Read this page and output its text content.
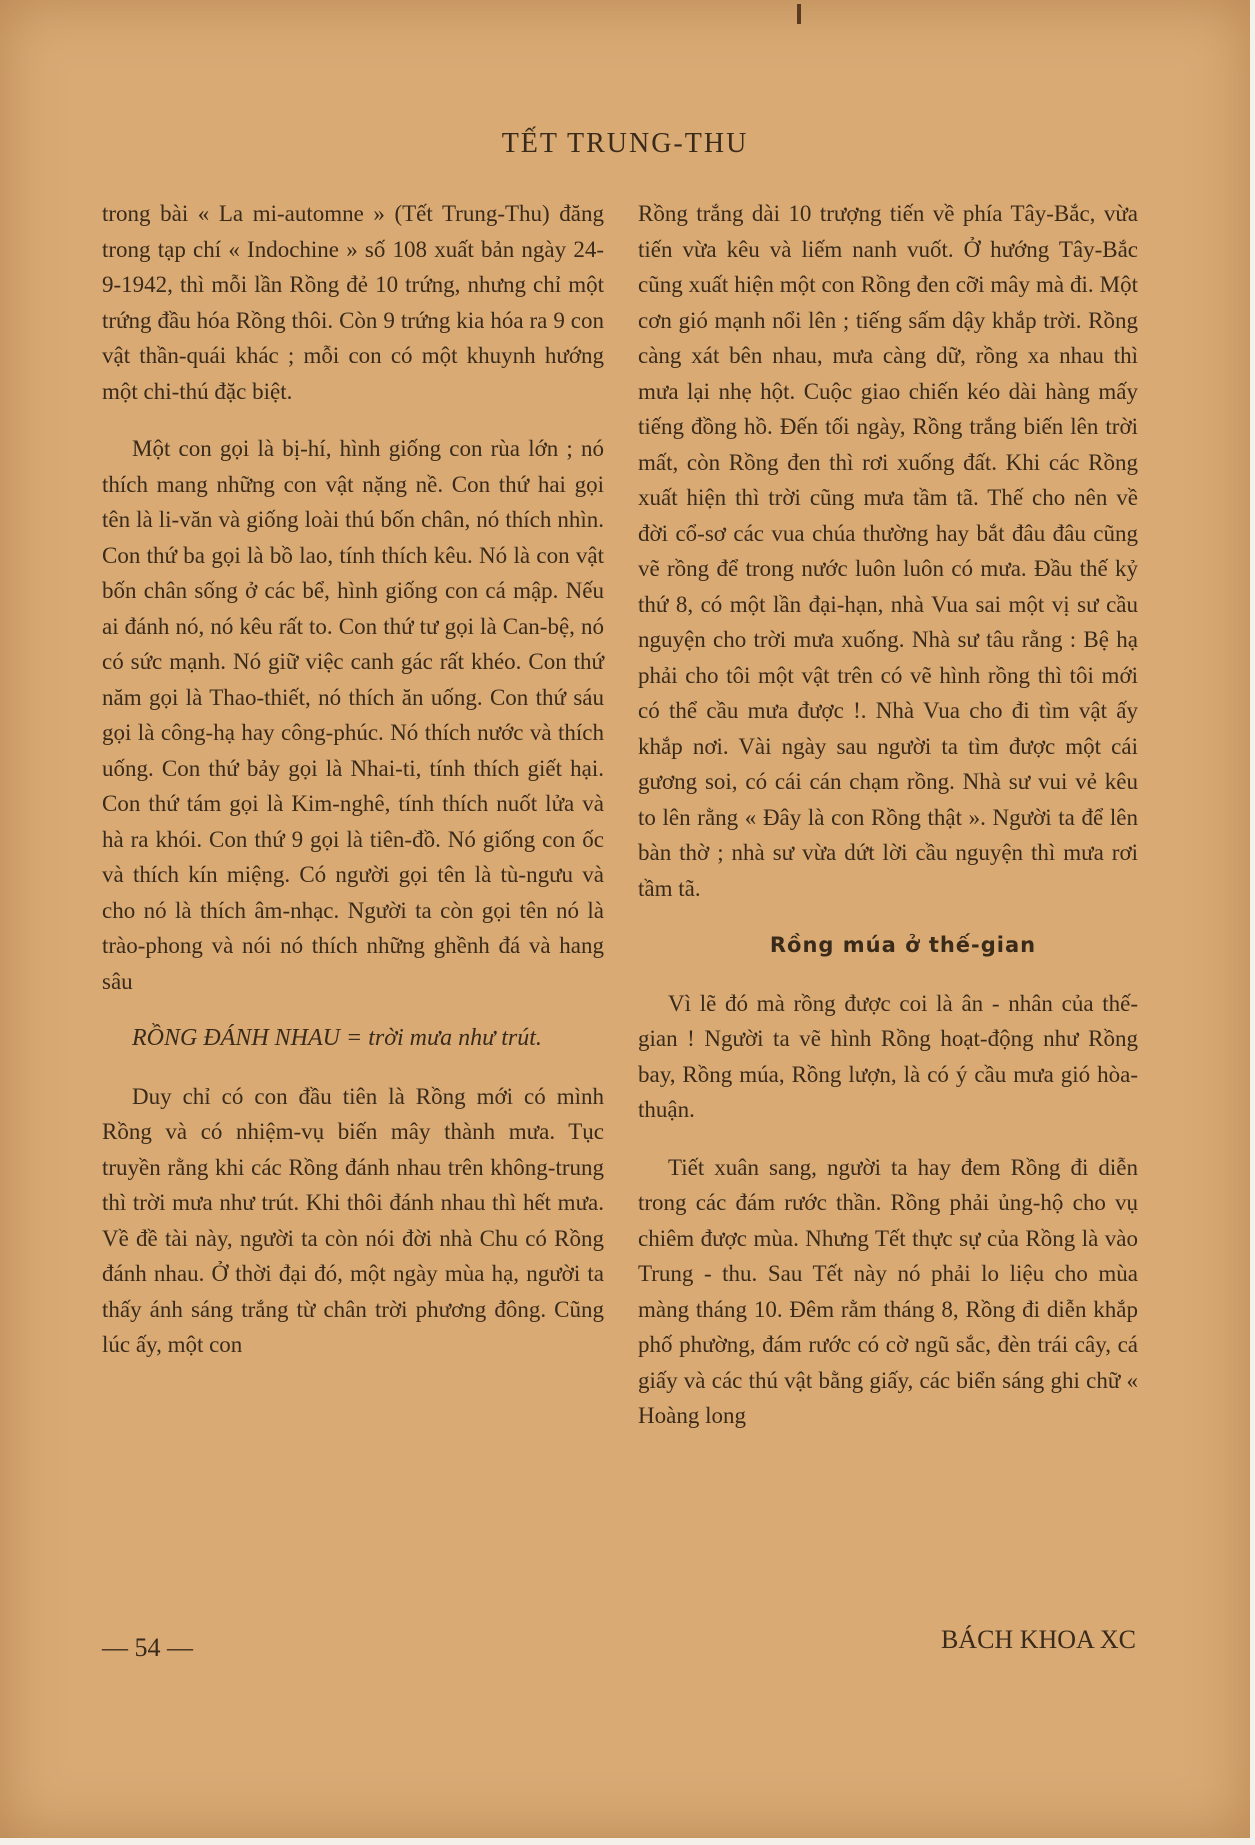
TẾT TRUNG-THU

trong bài « La mi-automne » (Tết Trung-Thu) đăng trong tạp chí « Indochine » số 108 xuất bản ngày 24-9-1942, thì mỗi lần Rồng đẻ 10 trứng, nhưng chỉ một trứng đầu hóa Rồng thôi. Còn 9 trứng kia hóa ra 9 con vật thần-quái khác ; mỗi con có một khuynh hướng một chi-thú đặc biệt.

Một con gọi là bị-hí, hình giống con rùa lớn ; nó thích mang những con vật nặng nề. Con thứ hai gọi tên là li-văn và giống loài thú bốn chân, nó thích nhìn. Con thứ ba gọi là bồ lao, tính thích kêu. Nó là con vật bốn chân sống ở các bể, hình giống con cá mập. Nếu ai đánh nó, nó kêu rất to. Con thứ tư gọi là Can-bệ, nó có sức mạnh. Nó giữ việc canh gác rất khéo. Con thứ năm gọi là Thao-thiết, nó thích ăn uống. Con thứ sáu gọi là công-hạ hay công-phúc. Nó thích nước và thích uống. Con thứ bảy gọi là Nhai-ti, tính thích giết hại. Con thứ tám gọi là Kim-nghê, tính thích nuốt lửa và hà ra khói. Con thứ 9 gọi là tiên-đồ. Nó giống con ốc và thích kín miệng. Có người gọi tên là tù-ngưu và cho nó là thích âm-nhạc. Người ta còn gọi tên nó là trào-phong và nói nó thích những ghềnh đá và hang sâu

RỒNG ĐÁNH NHAU = trời mưa như trút.

Duy chỉ có con đầu tiên là Rồng mới có mình Rồng và có nhiệm-vụ biến mây thành mưa. Tục truyền rằng khi các Rồng đánh nhau trên không-trung thì trời mưa như trút. Khi thôi đánh nhau thì hết mưa. Về đề tài này, người ta còn nói đời nhà Chu có Rồng đánh nhau. Ở thời đại đó, một ngày mùa hạ, người ta thấy ánh sáng trắng từ chân trời phương đông. Cũng lúc ấy, một con

Rồng trắng dài 10 trượng tiến về phía Tây-Bắc, vừa tiến vừa kêu và liếm nanh vuốt. Ở hướng Tây-Bắc cũng xuất hiện một con Rồng đen cỡi mây mà đi. Một cơn gió mạnh nổi lên ; tiếng sấm dậy khắp trời. Rồng càng xát bên nhau, mưa càng dữ, rồng xa nhau thì mưa lại nhẹ hột. Cuộc giao chiến kéo dài hàng mấy tiếng đồng hồ. Đến tối ngày, Rồng trắng biến lên trời mất, còn Rồng đen thì rơi xuống đất. Khi các Rồng xuất hiện thì trời cũng mưa tầm tã. Thế cho nên về đời cổ-sơ các vua chúa thường hay bắt đâu đâu cũng vẽ rồng để trong nước luôn luôn có mưa. Đầu thế kỷ thứ 8, có một lần đại-hạn, nhà Vua sai một vị sư cầu nguyện cho trời mưa xuống. Nhà sư tâu rằng : Bệ hạ phải cho tôi một vật trên có vẽ hình rồng thì tôi mới có thể cầu mưa được !. Nhà Vua cho đi tìm vật ấy khắp nơi. Vài ngày sau người ta tìm được một cái gương soi, có cái cán chạm rồng. Nhà sư vui vẻ kêu to lên rằng « Đây là con Rồng thật ». Người ta để lên bàn thờ ; nhà sư vừa dứt lời cầu nguyện thì mưa rơi tầm tã.

Rồng múa ở thế-gian

Vì lẽ đó mà rồng được coi là ân - nhân của thế-gian ! Người ta vẽ hình Rồng hoạt-động như Rồng bay, Rồng múa, Rồng lượn, là có ý cầu mưa gió hòa-thuận.

Tiết xuân sang, người ta hay đem Rồng đi diễn trong các đám rước thần. Rồng phải ủng-hộ cho vụ chiêm được mùa. Nhưng Tết thực sự của Rồng là vào Trung - thu. Sau Tết này nó phải lo liệu cho mùa màng tháng 10. Đêm rằm tháng 8, Rồng đi diễn khắp phố phường, đám rước có cờ ngũ sắc, đèn trái cây, cá giấy và các thú vật bằng giấy, các biển sáng ghi chữ « Hoàng long

— 54 —	BÁCH KHOA XC
